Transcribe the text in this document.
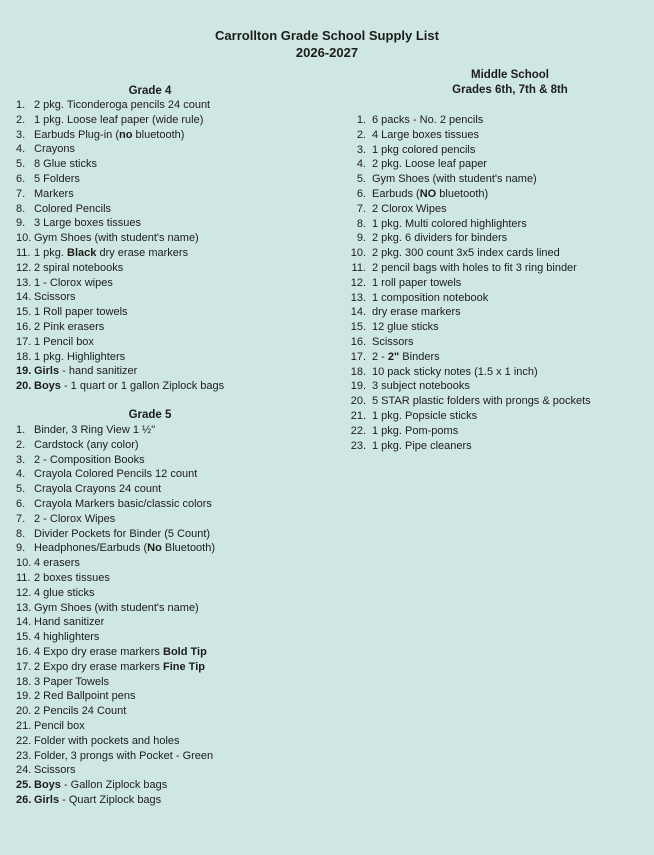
Carrollton Grade School Supply List
2026-2027
Grade 4
1. 2 pkg. Ticonderoga pencils 24 count
2. 1 pkg. Loose leaf paper (wide rule)
3. Earbuds Plug-in (no bluetooth)
4. Crayons
5. 8 Glue sticks
6. 5 Folders
7. Markers
8. Colored Pencils
9. 3 Large boxes tissues
10. Gym Shoes (with student's name)
11. 1 pkg. Black dry erase markers
12. 2 spiral notebooks
13. 1 - Clorox wipes
14. Scissors
15. 1 Roll paper towels
16. 2 Pink erasers
17. 1 Pencil box
18. 1 pkg. Highlighters
19. Girls - hand sanitizer
20. Boys - 1 quart or 1 gallon Ziplock bags
Grade 5
1. Binder, 3 Ring View 1 ½"
2. Cardstock (any color)
3. 2 - Composition Books
4. Crayola Colored Pencils 12 count
5. Crayola Crayons 24 count
6. Crayola Markers basic/classic colors
7. 2 - Clorox Wipes
8. Divider Pockets for Binder (5 Count)
9. Headphones/Earbuds (No Bluetooth)
10. 4 erasers
11. 2 boxes tissues
12. 4 glue sticks
13. Gym Shoes (with student's name)
14. Hand sanitizer
15. 4 highlighters
16. 4 Expo dry erase markers Bold Tip
17. 2 Expo dry erase markers Fine Tip
18. 3 Paper Towels
19. 2 Red Ballpoint pens
20. 2 Pencils 24 Count
21. Pencil box
22. Folder with pockets and holes
23. Folder, 3 prongs with Pocket - Green
24. Scissors
25. Boys - Gallon Ziplock bags
26. Girls - Quart Ziplock bags
Middle School
Grades 6th, 7th & 8th
1. 6 packs - No. 2 pencils
2. 4 Large boxes tissues
3. 1 pkg colored pencils
4. 2 pkg. Loose leaf paper
5. Gym Shoes (with student's name)
6. Earbuds (NO bluetooth)
7. 2 Clorox Wipes
8. 1 pkg. Multi colored highlighters
9. 2 pkg. 6 dividers for binders
10. 2 pkg. 300 count 3x5 index cards lined
11. 2 pencil bags with holes to fit 3 ring binder
12. 1 roll paper towels
13. 1 composition notebook
14. dry erase markers
15. 12 glue sticks
16. Scissors
17. 2 - 2" Binders
18. 10 pack sticky notes (1.5 x 1 inch)
19. 3 subject notebooks
20. 5 STAR plastic folders with prongs & pockets
21. 1 pkg. Popsicle sticks
22. 1 pkg. Pom-poms
23. 1 pkg. Pipe cleaners
